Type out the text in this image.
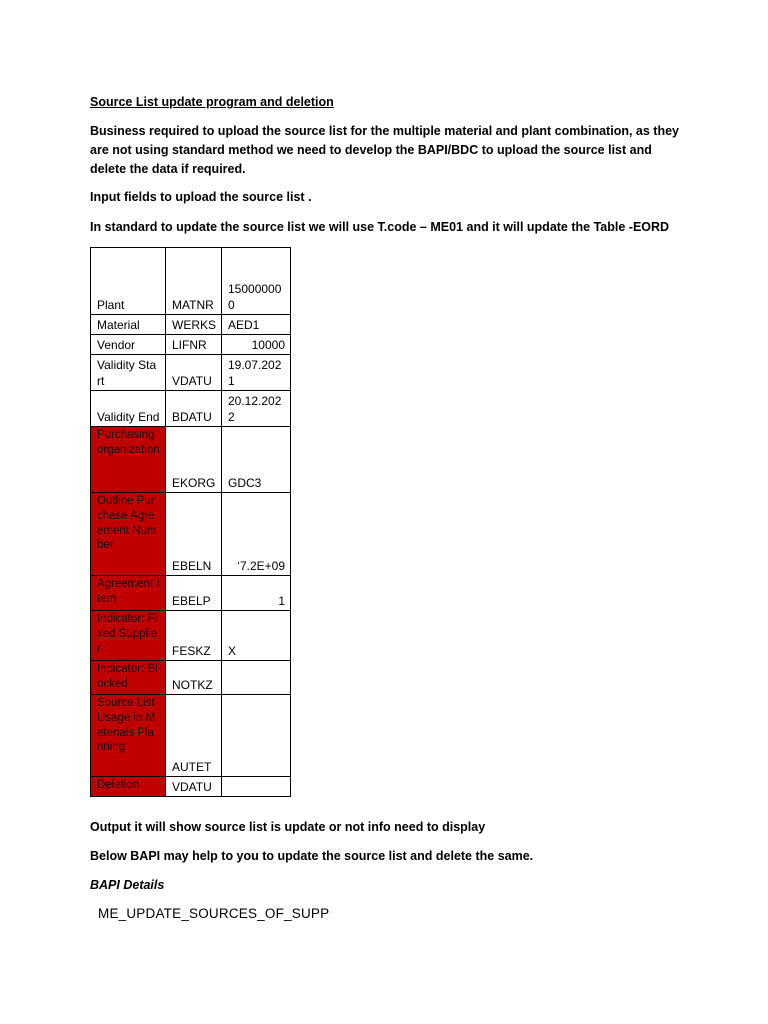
Source List update program and deletion
Business required to upload the source list for the multiple material and plant combination, as they are not using standard method we need to develop the BAPI/BDC to upload the source list and delete the data if required.
Input fields to upload the source list .
In standard to update the source list we will use T.code – ME01 and it will update the Table -EORD
Output it will show source list is update or not info need to display
Below BAPI may help to you to update the source list and delete the same.
BAPI Details
ME_UPDATE_SOURCES_OF_SUPP
Plant	MATNR	150000000
Material	WERKS	AED1
Vendor	LIFNR	10000
Validity Start	VDATU	19.07.2021
Validity End	BDATU	20.12.2022
Purchasing organization	EKORG	GDC3
Outline Purchase Agreement Number	EBELN	‘7.2E+09
Agreement Item	EBELP	1
Indicator: Fixed Supplier	FESKZ	X
Indicator: Blocked	NOTKZ	
Source List Usage in Materials Planning	AUTET	
Deletion	VDATU	
